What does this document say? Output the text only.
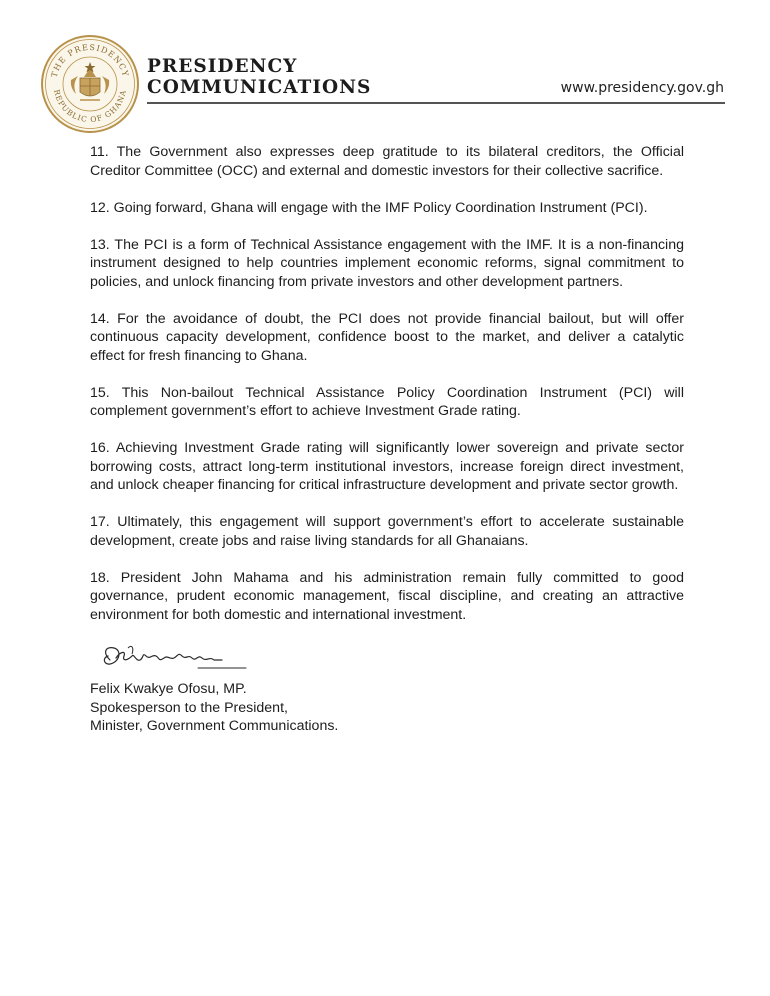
THE PRESIDENCY
REPUBLIC OF GHANA
PRESIDENCY
COMMUNICATIONS	www.presidency.gov.gh

11. The Government also expresses deep gratitude to its bilateral creditors, the Official Creditor Committee (OCC) and external and domestic investors for their collective sacrifice.

12. Going forward, Ghana will engage with the IMF Policy Coordination Instrument (PCI).

13. The PCI is a form of Technical Assistance engagement with the IMF. It is a non-financing instrument designed to help countries implement economic reforms, signal commitment to policies, and unlock financing from private investors and other development partners.

14. For the avoidance of doubt, the PCI does not provide financial bailout, but will offer continuous capacity development, confidence boost to the market, and deliver a catalytic effect for fresh financing to Ghana.

15. This Non-bailout Technical Assistance Policy Coordination Instrument (PCI) will complement government’s effort to achieve Investment Grade rating.

16. Achieving Investment Grade rating will significantly lower sovereign and private sector borrowing costs, attract long-term institutional investors, increase foreign direct investment, and unlock cheaper financing for critical infrastructure development and private sector growth.

17. Ultimately, this engagement will support government’s effort to accelerate sustainable development, create jobs and raise living standards for all Ghanaians.

18. President John Mahama and his administration remain fully committed to good governance, prudent economic management, fiscal discipline, and creating an attractive environment for both domestic and international investment.

Felix Kwakye Ofosu, MP.
Spokesperson to the President,
Minister, Government Communications.
